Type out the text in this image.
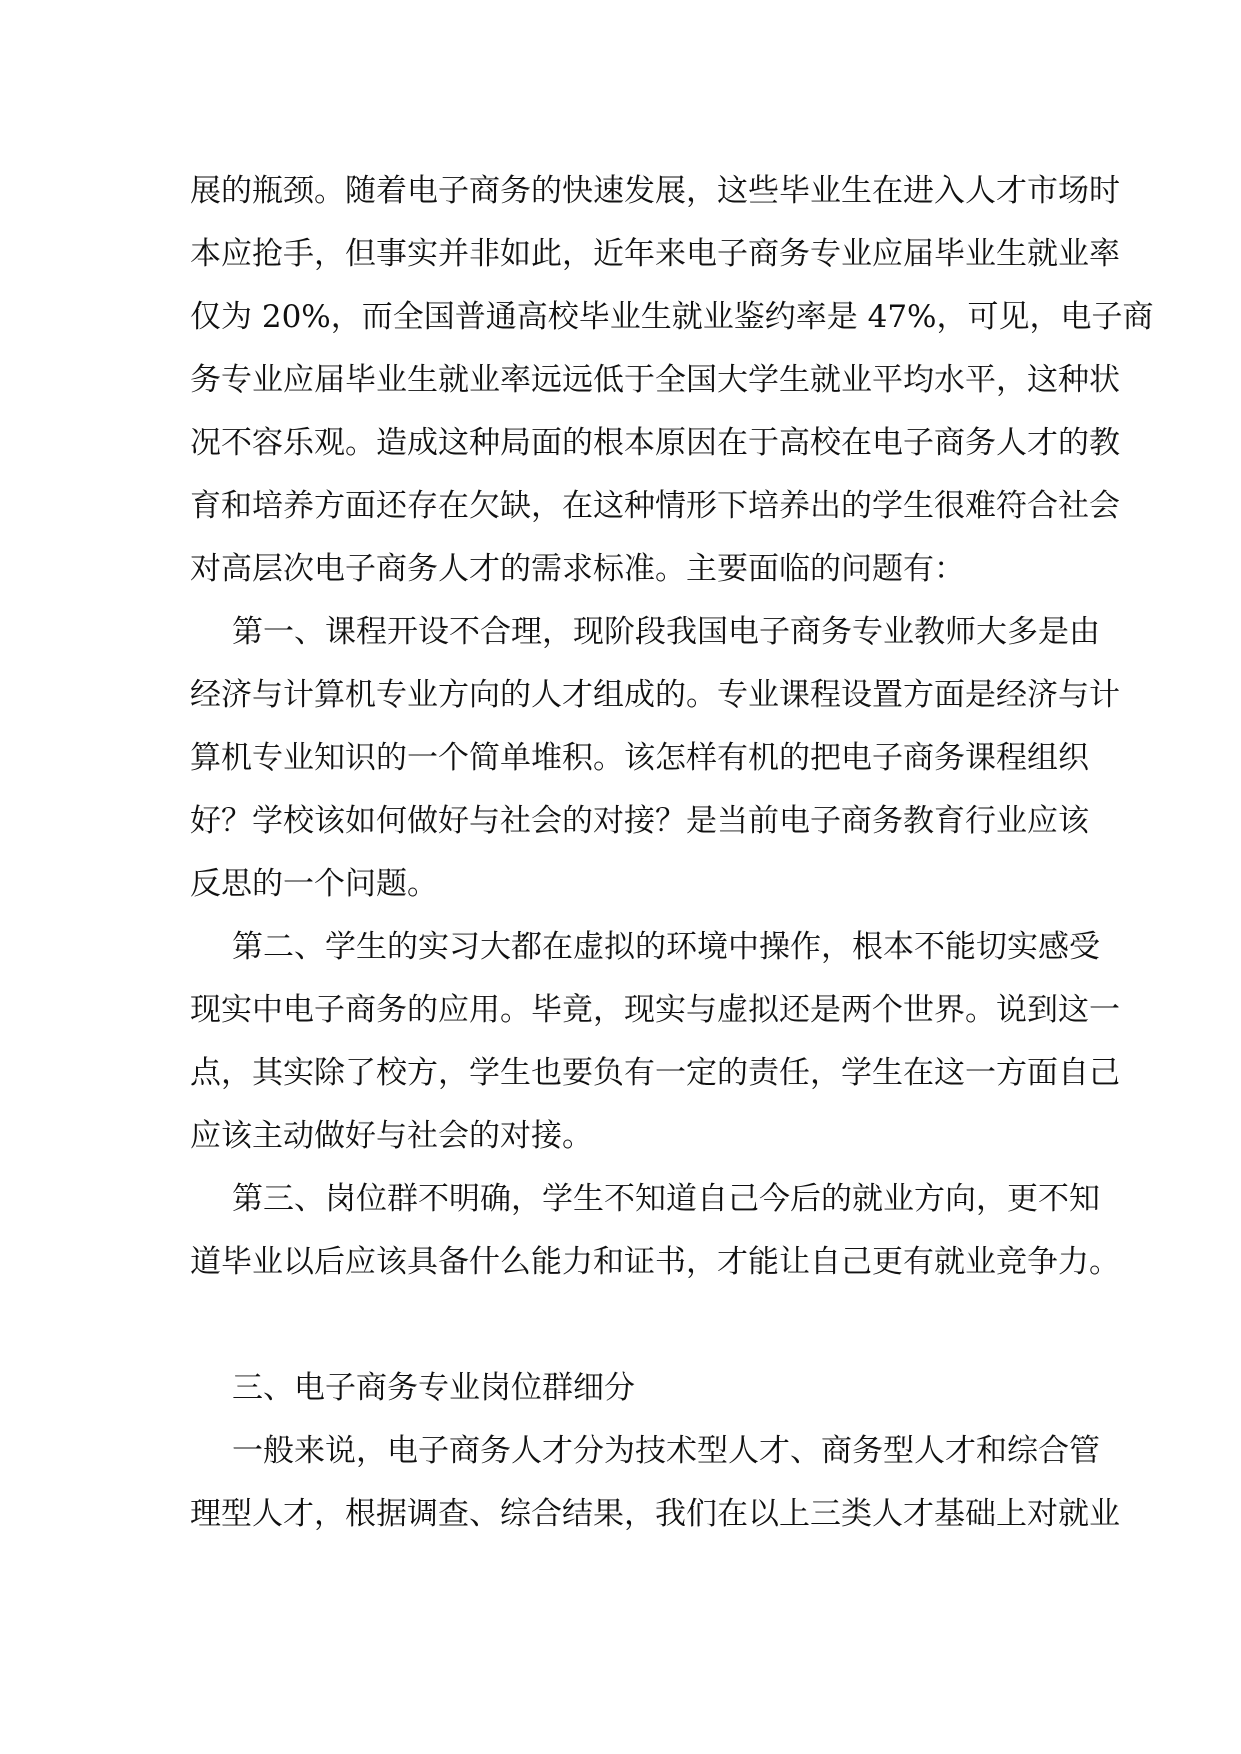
展的瓶颈。随着电子商务的快速发展，这些毕业生在进入人才市场时
本应抢手，但事实并非如此，近年来电子商务专业应届毕业生就业率
仅为 20%，而全国普通高校毕业生就业鉴约率是 47%，可见，电子商
务专业应届毕业生就业率远远低于全国大学生就业平均水平，这种状
况不容乐观。造成这种局面的根本原因在于高校在电子商务人才的教
育和培养方面还存在欠缺，在这种情形下培养出的学生很难符合社会
对高层次电子商务人才的需求标准。主要面临的问题有：
第一、课程开设不合理，现阶段我国电子商务专业教师大多是由
经济与计算机专业方向的人才组成的。专业课程设置方面是经济与计
算机专业知识的一个简单堆积。该怎样有机的把电子商务课程组织
好？学校该如何做好与社会的对接？是当前电子商务教育行业应该
反思的一个问题。
第二、学生的实习大都在虚拟的环境中操作，根本不能切实感受
现实中电子商务的应用。毕竟，现实与虚拟还是两个世界。说到这一
点，其实除了校方，学生也要负有一定的责任，学生在这一方面自己
应该主动做好与社会的对接。
第三、岗位群不明确，学生不知道自己今后的就业方向，更不知
道毕业以后应该具备什么能力和证书，才能让自己更有就业竞争力。
三、电子商务专业岗位群细分
一般来说，电子商务人才分为技术型人才、商务型人才和综合管
理型人才，根据调查、综合结果，我们在以上三类人才基础上对就业
